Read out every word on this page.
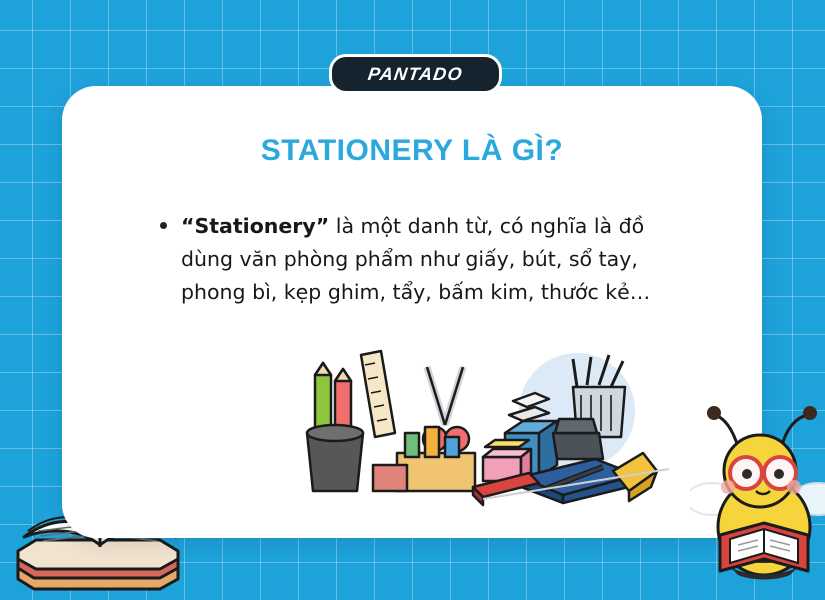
PANTADO
STATIONERY LÀ GÌ?
“Stationery” là một danh từ, có nghĩa là đồ dùng văn phòng phẩm như giấy, bút, sổ tay, phong bì, kẹp ghim, tẩy, bấm kim, thước kẻ…
